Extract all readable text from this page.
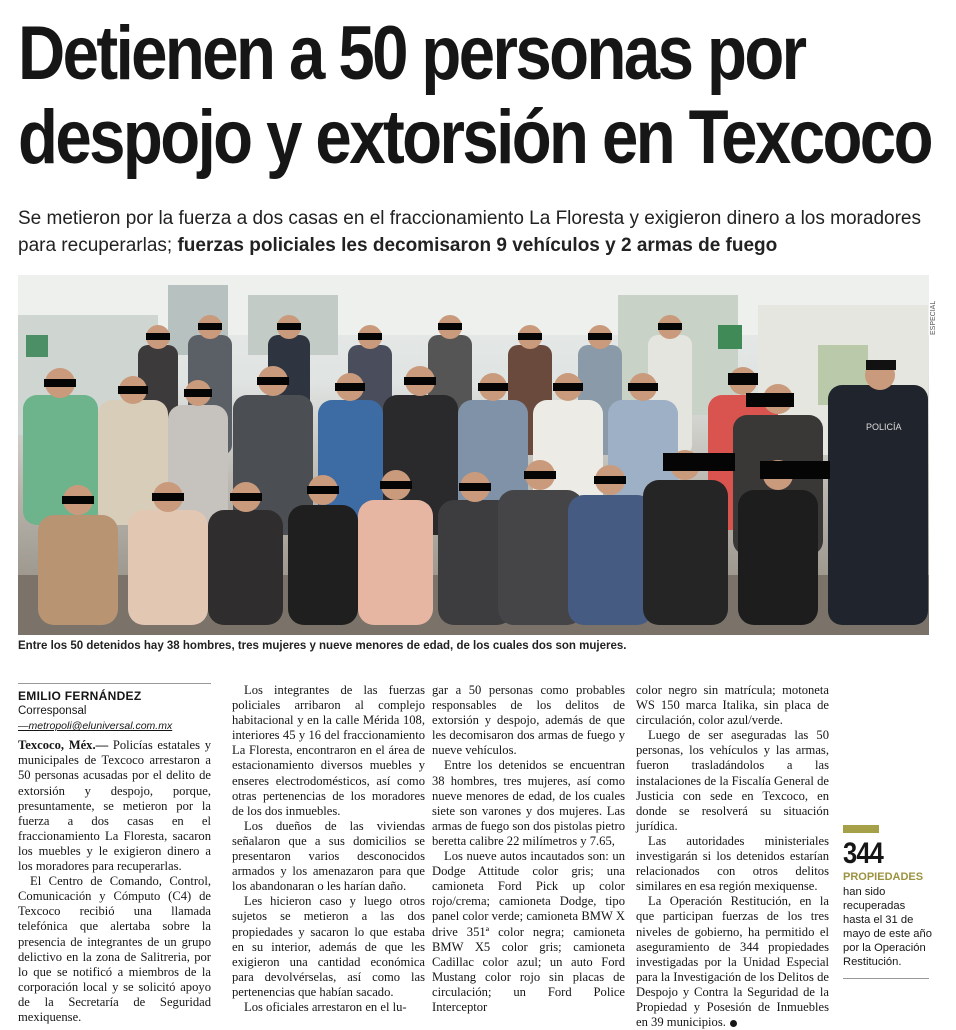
Detienen a 50 personas por
despojo y extorsión en Texcoco
Se metieron por la fuerza a dos casas en el fraccionamiento La Floresta y exigieron dinero a los moradores para recuperarlas; fuerzas policiales les decomisaron 9 vehículos y 2 armas de fuego
POLICÍA
ESPECIAL
Entre los 50 detenidos hay 38 hombres, tres mujeres y nueve menores de edad, de los cuales dos son mujeres.
EMILIO FERNÁNDEZ
Corresponsal
—metropoli@eluniversal.com.mx

Texcoco, Méx.— Policías estatales y municipales de Texcoco arrestaron a 50 personas acusadas por el delito de extorsión y despojo, porque, presuntamente, se metieron por la fuerza a dos casas en el fraccionamiento La Floresta, sacaron los muebles y le exigieron dinero a los moradores para recuperarlas.

El Centro de Comando, Control, Comunicación y Cómputo (C4) de Texcoco recibió una llamada telefónica que alertaba sobre la presencia de integrantes de un grupo delictivo en la zona de Salitreria, por lo que se notificó a miembros de la corporación local y se solicitó apoyo de la Secretaría de Seguridad mexiquense.

Los integrantes de las fuerzas policiales arribaron al complejo habitacional y en la calle Mérida 108, interiores 45 y 16 del fraccionamiento La Floresta, encontraron en el área de estacionamiento diversos muebles y enseres electrodomésticos, así como otras pertenencias de los moradores de los dos inmuebles.

Los dueños de las viviendas señalaron que a sus domicilios se presentaron varios desconocidos armados y los amenazaron para que los abandonaran o les harían daño.

Les hicieron caso y luego otros sujetos se metieron a las dos propiedades y sacaron lo que estaba en su interior, además de que les exigieron una cantidad económica para devolvérselas, así como las pertenencias que habían sacado.

Los oficiales arrestaron en el lu-

gar a 50 personas como probables responsables de los delitos de extorsión y despojo, además de que les decomisaron dos armas de fuego y nueve vehículos.

Entre los detenidos se encuentran 38 hombres, tres mujeres, así como nueve menores de edad, de los cuales siete son varones y dos mujeres. Las armas de fuego son dos pistolas pietro beretta calibre 22 milímetros y 7.65,

Los nueve autos incautados son: un Dodge Attitude color gris; una camioneta Ford Pick up color rojo/crema; camioneta Dodge, tipo panel color verde; camioneta BMW X drive 351ª color negra; camioneta BMW X5 color gris; camioneta Cadillac color azul; un auto Ford Mustang color rojo sin placas de circulación; un Ford Police Interceptor

color negro sin matrícula; motoneta WS 150 marca Italika, sin placa de circulación, color azul/verde.

Luego de ser aseguradas las 50 personas, los vehículos y las armas, fueron trasladándolos a las instalaciones de la Fiscalía General de Justicia con sede en Texcoco, en donde se resolverá su situación jurídica.

Las autoridades ministeriales investigarán si los detenidos estarían relacionados con otros delitos similares en esa región mexiquense.

La Operación Restitución, en la que participan fuerzas de los tres niveles de gobierno, ha permitido el aseguramiento de 344 propiedades investigadas por la Unidad Especial para la Investigación de los Delitos de Despojo y Contra la Seguridad de la Propiedad y Posesión de Inmuebles en 39 municipios.

344
PROPIEDADES
han sido recuperadas hasta el 31 de mayo de este año por la Operación Restitución.
